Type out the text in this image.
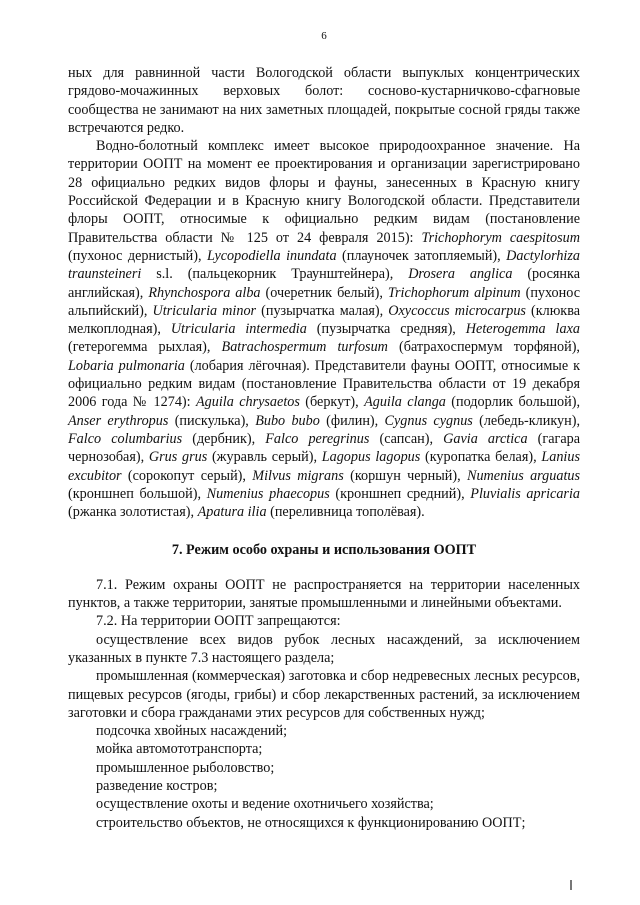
6

ных для равнинной части Вологодской области выпуклых концентрических грядово-мочажинных верховых болот: сосново-кустарничково-сфагновые сообщества не занимают на них заметных площадей, покрытые сосной гряды также встречаются редко.

Водно-болотный комплекс имеет высокое природоохранное значение. На территории ООПТ на момент ее проектирования и организации зарегистрировано 28 официально редких видов флоры и фауны, занесенных в Красную книгу Российской Федерации и в Красную книгу Вологодской области. Представители флоры ООПТ, относимые к официально редким видам (постановление Правительства области № 125 от 24 февраля 2015): Trichophorym caespitosum (пухонос дернистый), Lycopodiella inundata (плауночек затопляемый), Dactylorhiza traunsteineri s.l. (пальцекорник Траунштейнера), Drosera anglica (росянка английская), Rhynchospora alba (очеретник белый), Trichophorum alpinum (пухонос альпийский), Utricularia minor (пузырчатка малая), Oxycoccus microcarpus (клюква мелкоплодная), Utricularia intermedia (пузырчатка средняя), Heterogemma laxa (гетерогемма рыхлая), Batrachospermum turfosum (батрахоспермум торфяной), Lobaria pulmonaria (лобария лёгочная). Представители фауны ООПТ, относимые к официально редким видам (постановление Правительства области от 19 декабря 2006 года № 1274): Aguila chrysaetos (беркут), Aguila clanga (подорлик большой), Anser erythropus (пискулька), Bubo bubo (филин), Cygnus cygnus (лебедь-кликун), Falco columbarius (дербник), Falco peregrinus (сапсан), Gavia arctica (гагара чернозобая), Grus grus (журавль серый), Lagopus lagopus (куропатка белая), Lanius excubitor (сорокопут серый), Milvus migrans (коршун черный), Numenius arguatus (кроншнеп большой), Numenius phaecopus (кроншнеп средний), Pluvialis apricaria (ржанка золотистая), Apatura ilia (переливница тополёвая).

7. Режим особо охраны и использования ООПТ

7.1. Режим охраны ООПТ не распространяется на территории населенных пунктов, а также территории, занятые промышленными и линейными объектами.

7.2. На территории ООПТ запрещаются:

осуществление всех видов рубок лесных насаждений, за исключением указанных в пункте 7.3 настоящего раздела;

промышленная (коммерческая) заготовка и сбор недревесных лесных ресурсов, пищевых ресурсов (ягоды, грибы) и сбор лекарственных растений, за исключением заготовки и сбора гражданами этих ресурсов для собственных нужд;

подсочка хвойных насаждений;

мойка автомототранспорта;

промышленное рыболовство;

разведение костров;

осуществление охоты и ведение охотничьего хозяйства;

строительство объектов, не относящихся к функционированию ООПТ;
